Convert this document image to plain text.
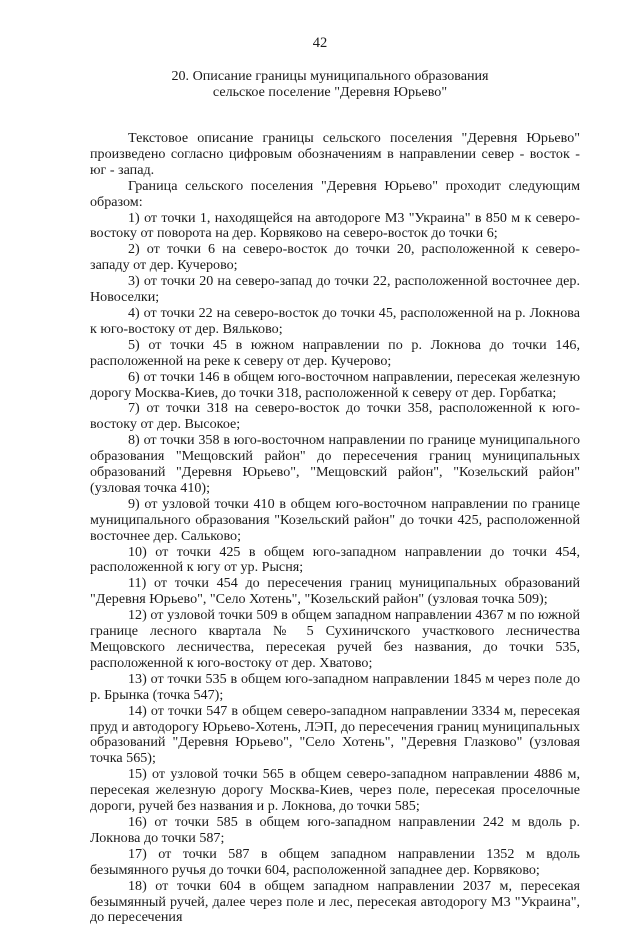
42
20. Описание границы муниципального образования
сельское поселение "Деревня Юрьево"

Текстовое описание границы сельского поселения "Деревня Юрьево" произведено согласно цифровым обозначениям в направлении север - восток - юг - запад.

Граница сельского поселения "Деревня Юрьево" проходит следующим образом:

1) от точки 1, находящейся на автодороге М3 "Украина" в 850 м к северо-востоку от поворота на дер. Корвяково на северо-восток до точки 6;

2) от точки 6 на северо-восток до точки 20, расположенной к северо-западу от дер. Кучерово;

3) от точки 20 на северо-запад до точки 22, расположенной восточнее дер. Новоселки;

4) от точки 22 на северо-восток до точки 45, расположенной на р. Локнова к юго-востоку от дер. Вяльково;

5) от точки 45 в южном направлении по р. Локнова до точки 146, расположенной на реке к северу от дер. Кучерово;

6) от точки 146 в общем юго-восточном направлении, пересекая железную дорогу Москва-Киев, до точки 318, расположенной к северу от дер. Горбатка;

7) от точки 318 на северо-восток до точки 358, расположенной к юго-востоку от дер. Высокое;

8) от точки 358 в юго-восточном направлении по границе муниципального образования "Мещовский район" до пересечения границ муниципальных образований "Деревня Юрьево", "Мещовский район", "Козельский район" (узловая точка 410);

9) от узловой точки 410 в общем юго-восточном направлении по границе муниципального образования "Козельский район" до точки 425, расположенной восточнее дер. Сальково;

10) от точки 425 в общем юго-западном направлении до точки 454, расположенной к югу от ур. Рысня;

11) от точки 454 до пересечения границ муниципальных образований "Деревня Юрьево", "Село Хотень", "Козельский район" (узловая точка 509);

12) от узловой точки 509 в общем западном направлении 4367 м по южной границе лесного квартала № 5 Сухиничского участкового лесничества Мещовского лесничества, пересекая ручей без названия, до точки 535, расположенной к юго-востоку от дер. Хватово;

13) от точки 535 в общем юго-западном направлении 1845 м через поле до р. Брынка (точка 547);

14) от точки 547 в общем северо-западном направлении 3334 м, пересекая пруд и автодорогу Юрьево-Хотень, ЛЭП, до пересечения границ муниципальных образований "Деревня Юрьево", "Село Хотень", "Деревня Глазково" (узловая точка 565);

15) от узловой точки 565 в общем северо-западном направлении 4886 м, пересекая железную дорогу Москва-Киев, через поле, пересекая проселочные дороги, ручей без названия и р. Локнова, до точки 585;

16) от точки 585 в общем юго-западном направлении 242 м вдоль р. Локнова до точки 587;

17) от точки 587 в общем западном направлении 1352 м вдоль безымянного ручья до точки 604, расположенной западнее дер. Корвяково;

18) от точки 604 в общем западном направлении 2037 м, пересекая безымянный ручей, далее через поле и лес, пересекая автодорогу М3 "Украина", до пересечения
